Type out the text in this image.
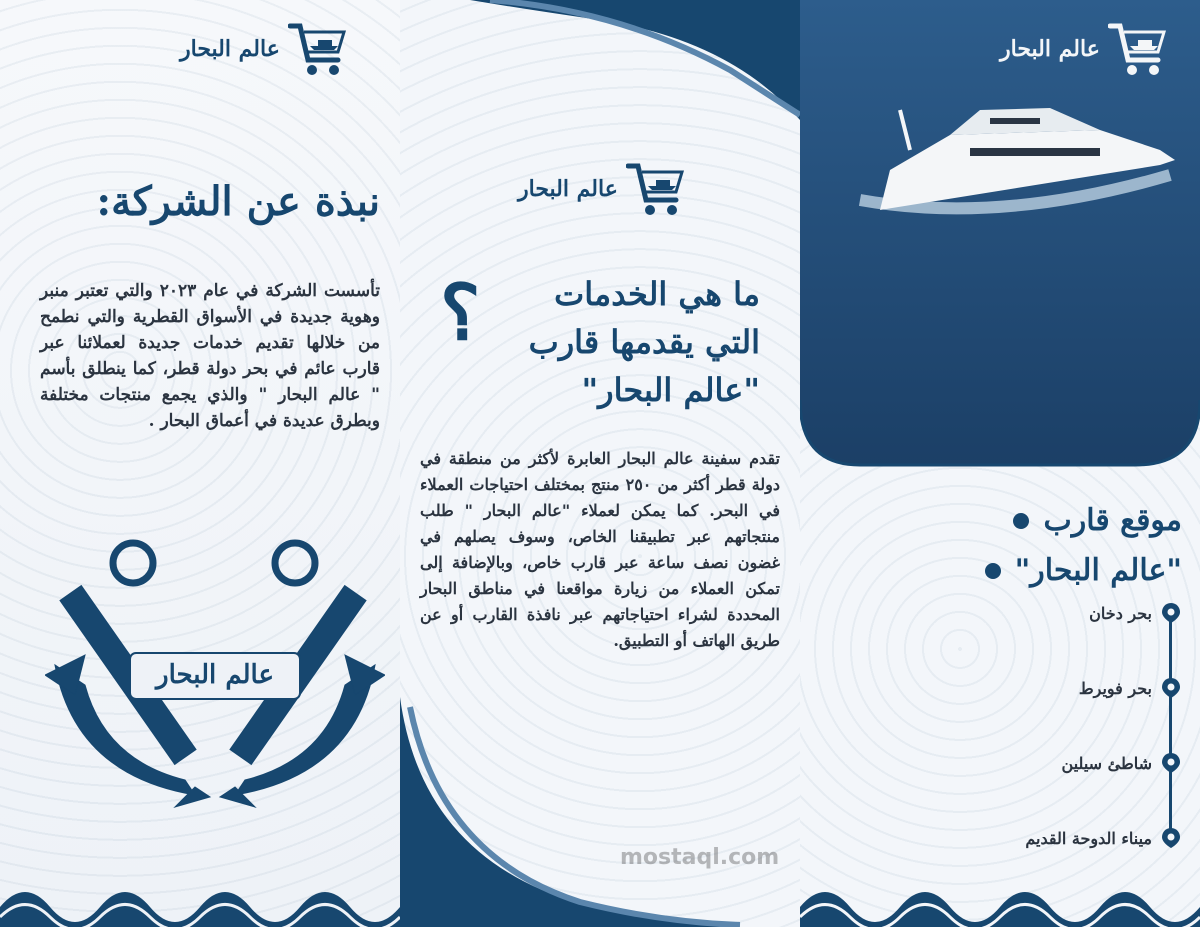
عالم البحار
نبذة عن الشركة:
تأسست الشركة في عام ٢٠٢٣ والتي تعتبر منبر وهوية جديدة في الأسواق القطرية والتي نطمح من خلالها تقديم خدمات جديدة لعملائنا عبر قارب عائم في بحر دولة قطر، كما ينطلق بأسم " عالم البحار " والذي يجمع منتجات مختلفة وبطرق عديدة في أعماق البحار .
عالم البحار
عالم البحار
؟	ما هي الخدمات
التي يقدمها قارب
"عالم البحار"
تقدم سفينة عالم البحار العابرة لأكثر من منطقة في دولة قطر أكثر من ٢٥٠ منتج بمختلف احتياجات العملاء في البحر. كما يمكن لعملاء "عالم البحار " طلب منتجاتهم عبر تطبيقنا الخاص، وسوف يصلهم في غضون نصف ساعة عبر قارب خاص، وبالإضافة إلى تمكن العملاء من زيارة مواقعنا في مناطق البحار المحددة لشراء احتياجاتهم عبر نافذة القارب أو عن طريق الهاتف أو التطبيق.
mostaql.com
عالم البحار
موقع قارب
"عالم البحار"
بحر دخان
بحر فويرط
شاطئ سيلين
ميناء الدوحة القديم
